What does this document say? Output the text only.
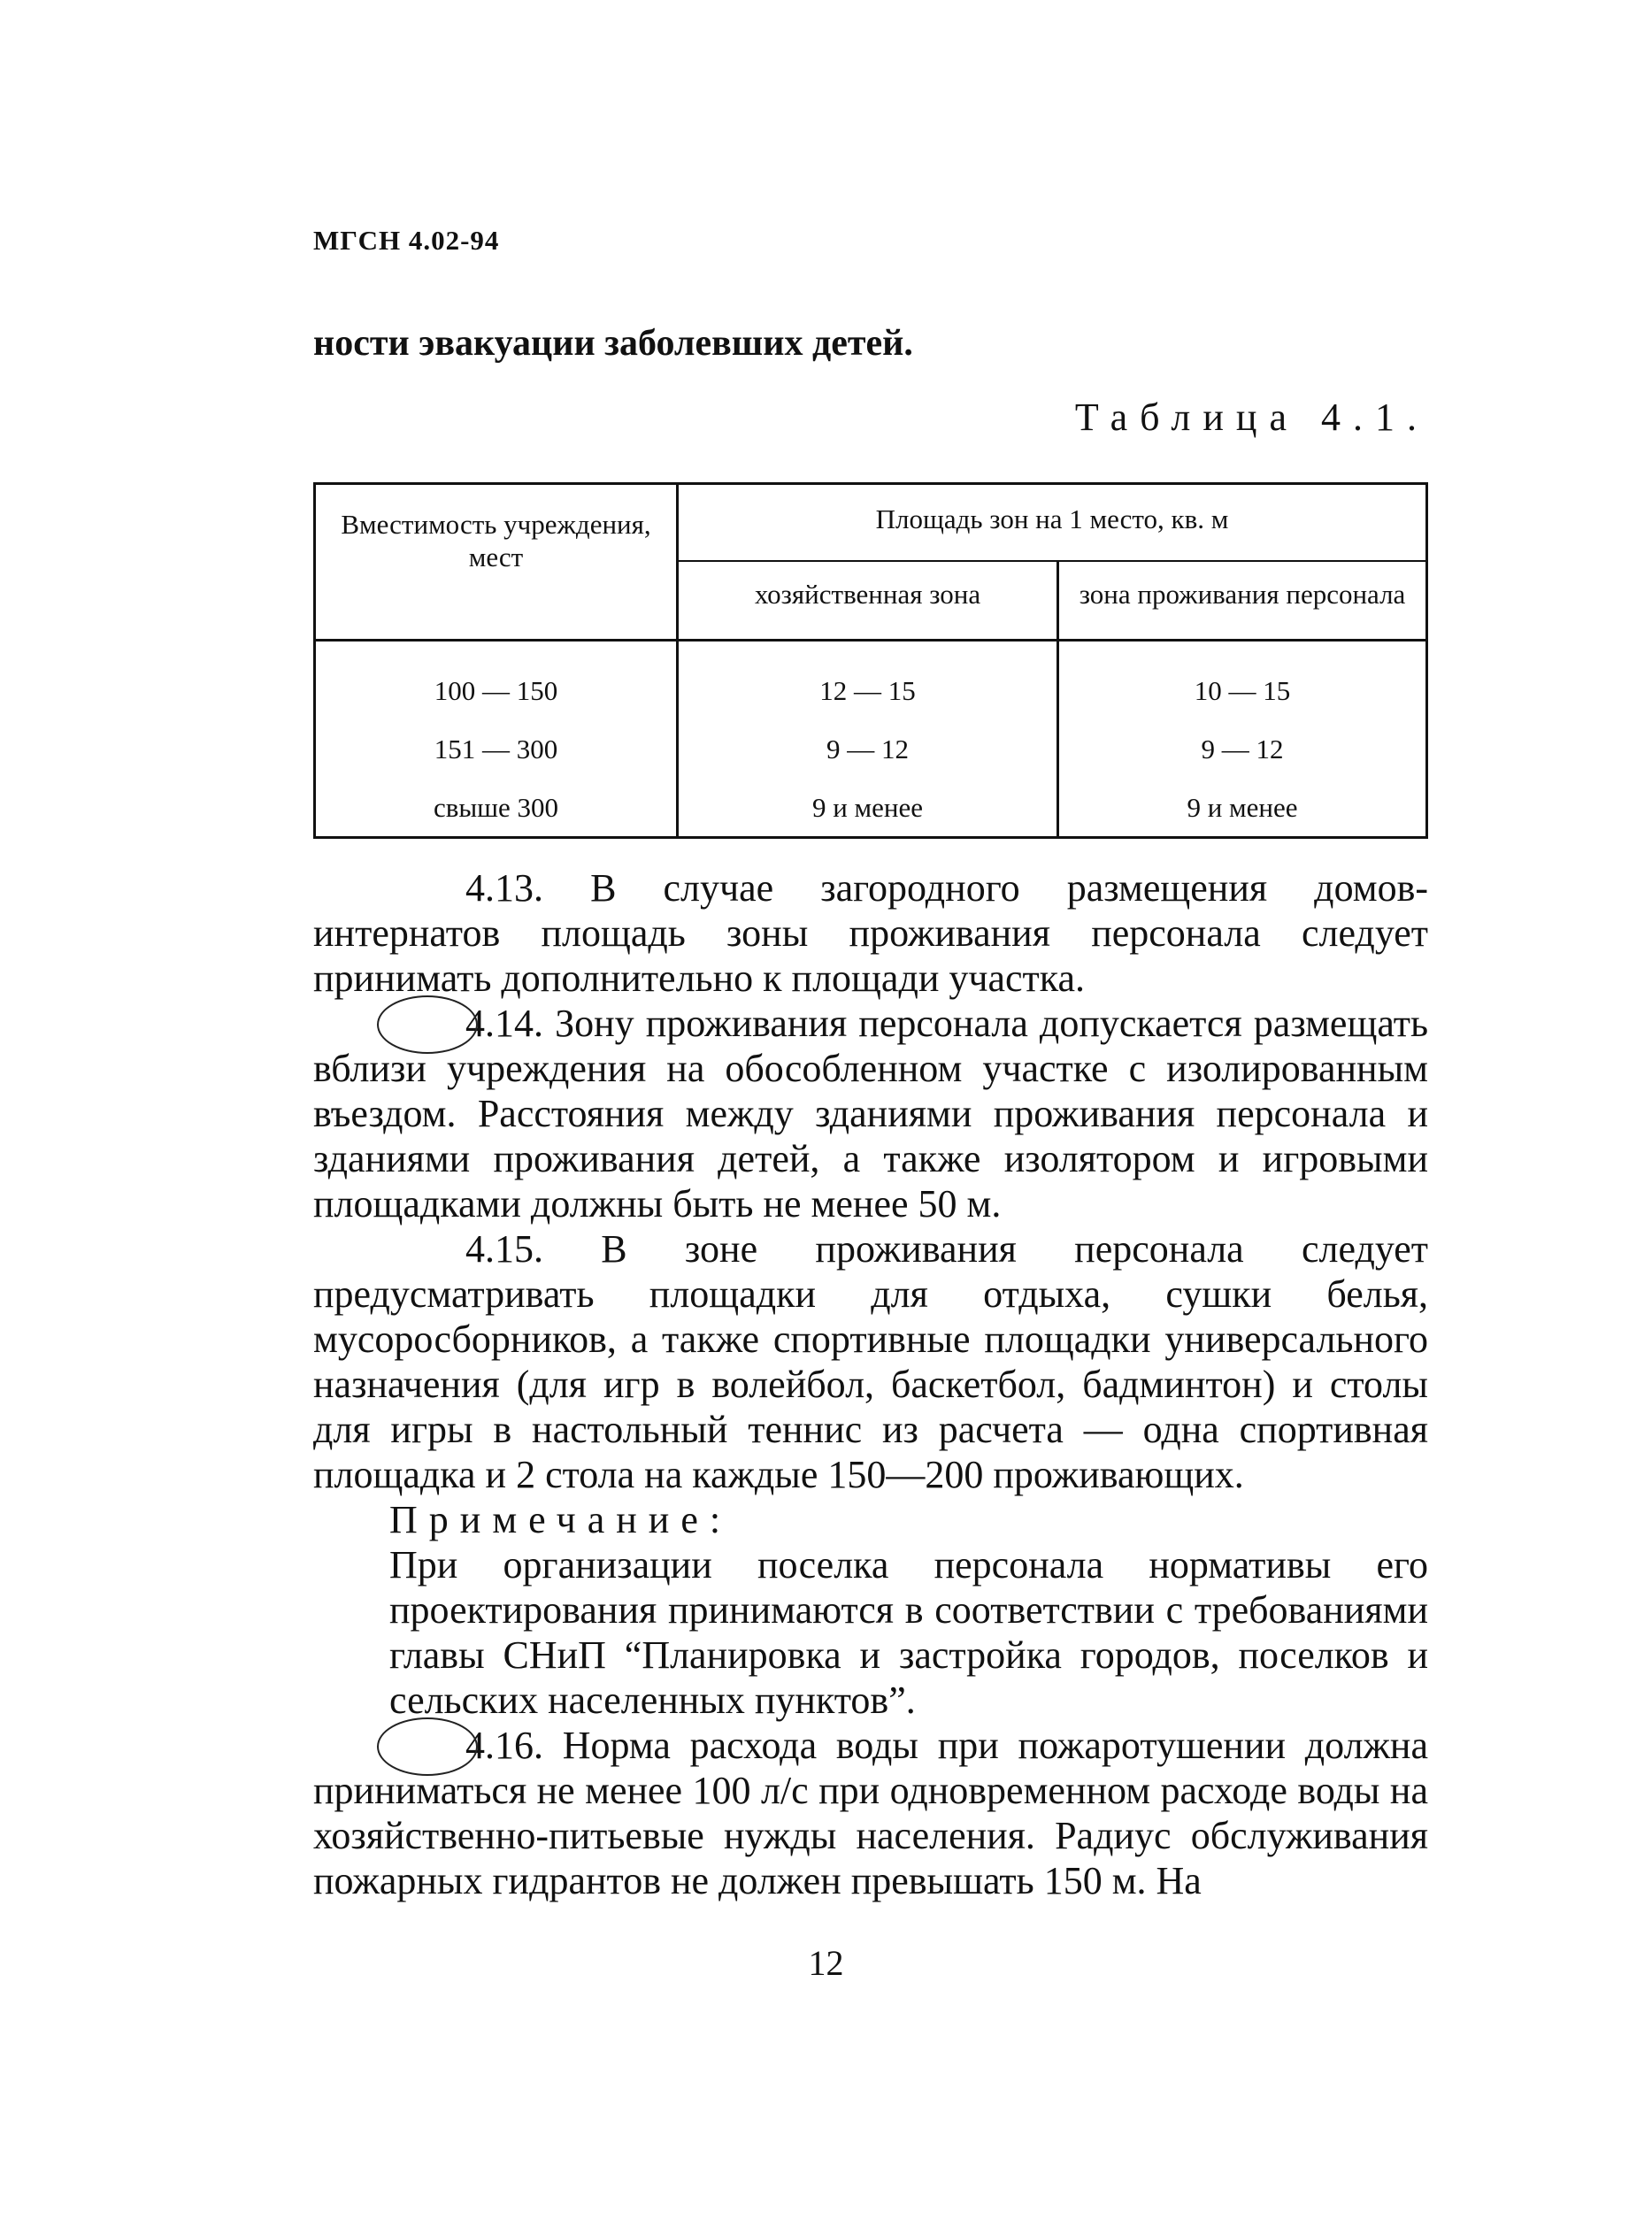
МГСН 4.02-94
ности эвакуации заболевших детей.
Таблица 4.1.
Вместимость учреждения, мест	Площадь зон на 1 место, кв. м	
	хозяйственная зона	зона проживания персонала
100 — 150	12 — 15	10 — 15
151 — 300	9 — 12	9 — 12
свыше 300	9 и менее	9 и менее

4.13. В случае загородного размещения домов-интернатов площадь зоны проживания персонала следует принимать дополнительно к площади участка.

4.14. Зону проживания персонала допускается размещать вблизи учреждения на обособленном участке с изолированным въездом. Расстояния между зданиями проживания персонала и зданиями проживания детей, а также изолятором и игровыми площадками должны быть не менее 50 м.

4.15. В зоне проживания персонала следует предусматривать площадки для отдыха, сушки белья, мусоросборников, а также спортивные площадки универсального назначения (для игр в волейбол, баскетбол, бадминтон) и столы для игры в настольный теннис из расчета — одна спортивная площадка и 2 стола на каждые 150—200 проживающих.

Примечание:

При организации поселка персонала нормативы его проектирования принимаются в соответствии с требованиями главы СНиП “Планировка и застройка городов, поселков и сельских населенных пунктов”.

4.16. Норма расхода воды при пожаротушении должна приниматься не менее 100 л/с при одновременном расходе воды на хозяйственно-питьевые нужды населения. Радиус обслуживания пожарных гидрантов не должен превышать 150 м. На

12
